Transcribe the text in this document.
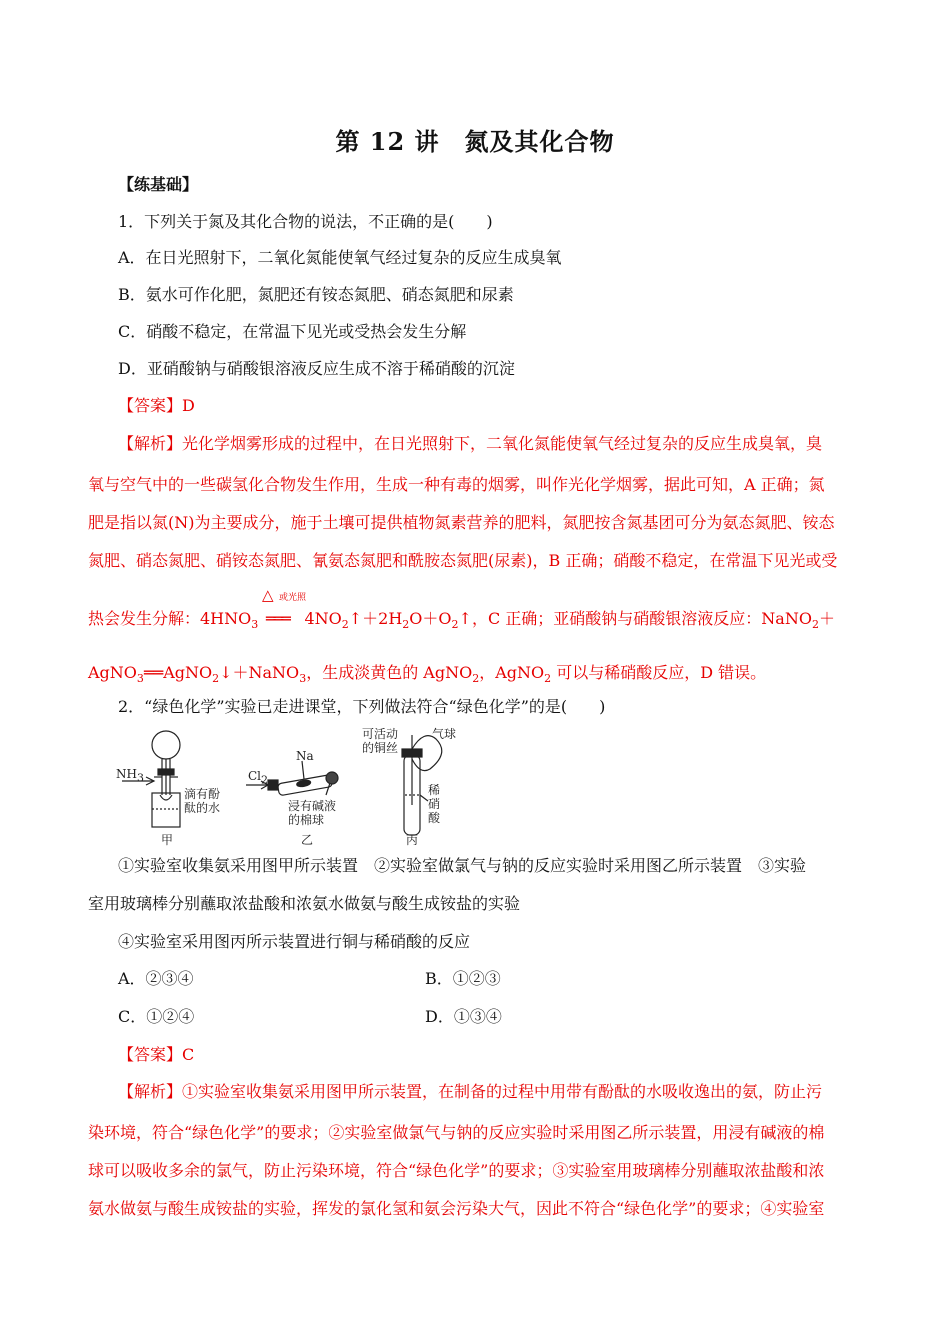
第 12 讲　氮及其化合物
【练基础】
1．下列关于氮及其化合物的说法，不正确的是(　　)
A．在日光照射下，二氧化氮能使氧气经过复杂的反应生成臭氧
B．氨水可作化肥，氮肥还有铵态氮肥、硝态氮肥和尿素
C．硝酸不稳定，在常温下见光或受热会发生分解
D．亚硝酸钠与硝酸银溶液反应生成不溶于稀硝酸的沉淀
【答案】D
【解析】光化学烟雾形成的过程中，在日光照射下，二氧化氮能使氧气经过复杂的反应生成臭氧，臭
氧与空气中的一些碳氢化合物发生作用，生成一种有毒的烟雾，叫作光化学烟雾，据此可知，A 正确；氮
肥是指以氮(N)为主要成分，施于土壤可提供植物氮素营养的肥料，氮肥按含氮基团可分为氨态氮肥、铵态
氮肥、硝态氮肥、硝铵态氮肥、氰氨态氮肥和酰胺态氮肥(尿素)，B 正确；硝酸不稳定，在常温下见光或受
热会发生分解：$4HNO_3$ ═══ $4NO_2↑+2H_2O+O_2↑$，C 正确；亚硝酸钠与硝酸银溶液反应：NaNO$_2$＋
△ 或光照
AgNO$_3$══AgNO$_2$↓＋NaNO$_3$，生成淡黄色的 AgNO$_2$，AgNO$_2$ 可以与稀硝酸反应，D 错误。
2．“绿色化学”实验已走进课堂，下列做法符合“绿色化学”的是(　　)
$NH_3$
滴有酚
酞的水
甲
$Cl_2$
Na
浸有碱液
的棉球
乙
可活动
的铜丝
气球
稀
硝
酸
丙
①实验室收集氨采用图甲所示装置　②实验室做氯气与钠的反应实验时采用图乙所示装置　③实验
室用玻璃棒分别蘸取浓盐酸和浓氨水做氨与酸生成铵盐的实验
④实验室采用图丙所示装置进行铜与稀硝酸的反应
A．②③④	B．①②③
C．①②④	D．①③④
【答案】C
【解析】①实验室收集氨采用图甲所示装置，在制备的过程中用带有酚酞的水吸收逸出的氨，防止污
染环境，符合“绿色化学”的要求；②实验室做氯气与钠的反应实验时采用图乙所示装置，用浸有碱液的棉
球可以吸收多余的氯气，防止污染环境，符合“绿色化学”的要求；③实验室用玻璃棒分别蘸取浓盐酸和浓
氨水做氨与酸生成铵盐的实验，挥发的氯化氢和氨会污染大气，因此不符合“绿色化学”的要求；④实验室
